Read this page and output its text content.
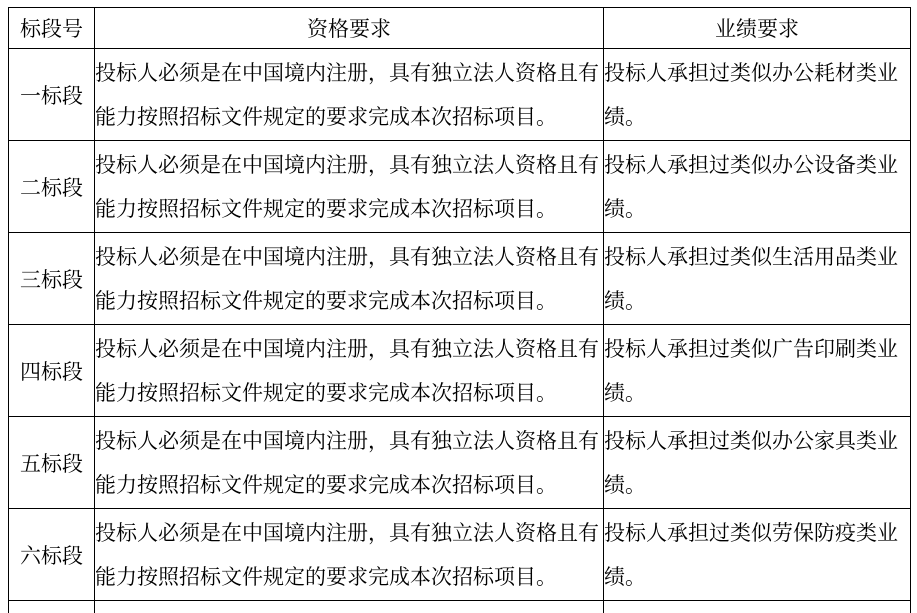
标段号	资格要求	业绩要求
一标段	投标人必须是在中国境内注册，具有独立法人资格且有能力按照招标文件规定的要求完成本次招标项目。	投标人承担过类似办公耗材类业绩。
二标段	投标人必须是在中国境内注册，具有独立法人资格且有能力按照招标文件规定的要求完成本次招标项目。	投标人承担过类似办公设备类业绩。
三标段	投标人必须是在中国境内注册，具有独立法人资格且有能力按照招标文件规定的要求完成本次招标项目。	投标人承担过类似生活用品类业绩。
四标段	投标人必须是在中国境内注册，具有独立法人资格且有能力按照招标文件规定的要求完成本次招标项目。	投标人承担过类似广告印刷类业绩。
五标段	投标人必须是在中国境内注册，具有独立法人资格且有能力按照招标文件规定的要求完成本次招标项目。	投标人承担过类似办公家具类业绩。
六标段	投标人必须是在中国境内注册，具有独立法人资格且有能力按照招标文件规定的要求完成本次招标项目。	投标人承担过类似劳保防疫类业绩。
